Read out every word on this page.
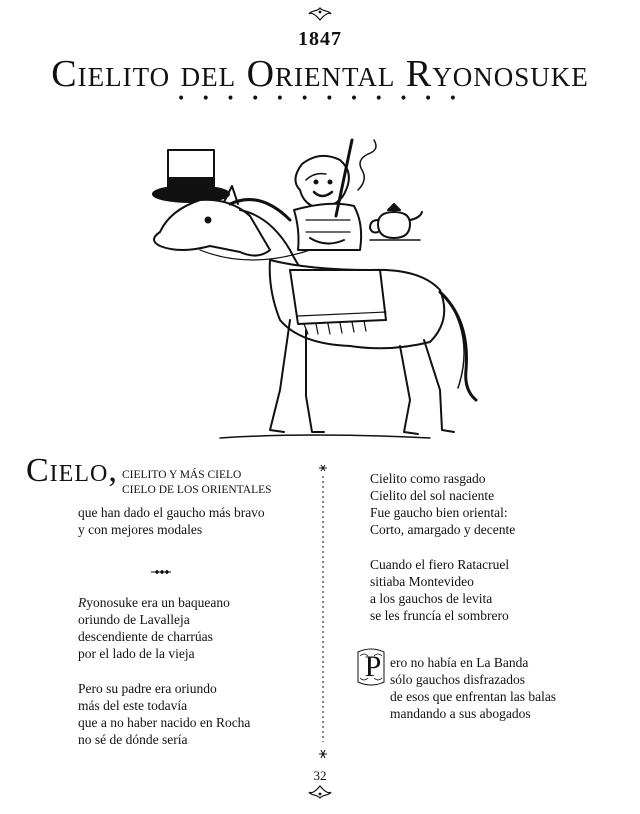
1847
Cielito del Oriental Ryonosuke
• • • • • • • • • • • •
Cielo, CIELITO Y MÁS CIELO
CIELO DE LOS ORIENTALES

que han dado el gaucho más bravo

y con mejores modales

Ryonosuke era un baqueano

oriundo de Lavalleja

descendiente de charrúas

por el lado de la vieja

Pero su padre era oriundo

más del este todavía

que a no haber nacido en Rocha

no sé de dónde sería

Cielito como rasgado

Cielito del sol naciente

Fue gaucho bien oriental:

Corto, amargado y decente

Cuando el fiero Ratacruel

sitiaba Montevideo

a los gauchos de levita

se les fruncía el sombrero

P ero no había en La Banda

sólo gauchos disfrazados

de esos que enfrentan las balas

mandando a sus abogados

32
